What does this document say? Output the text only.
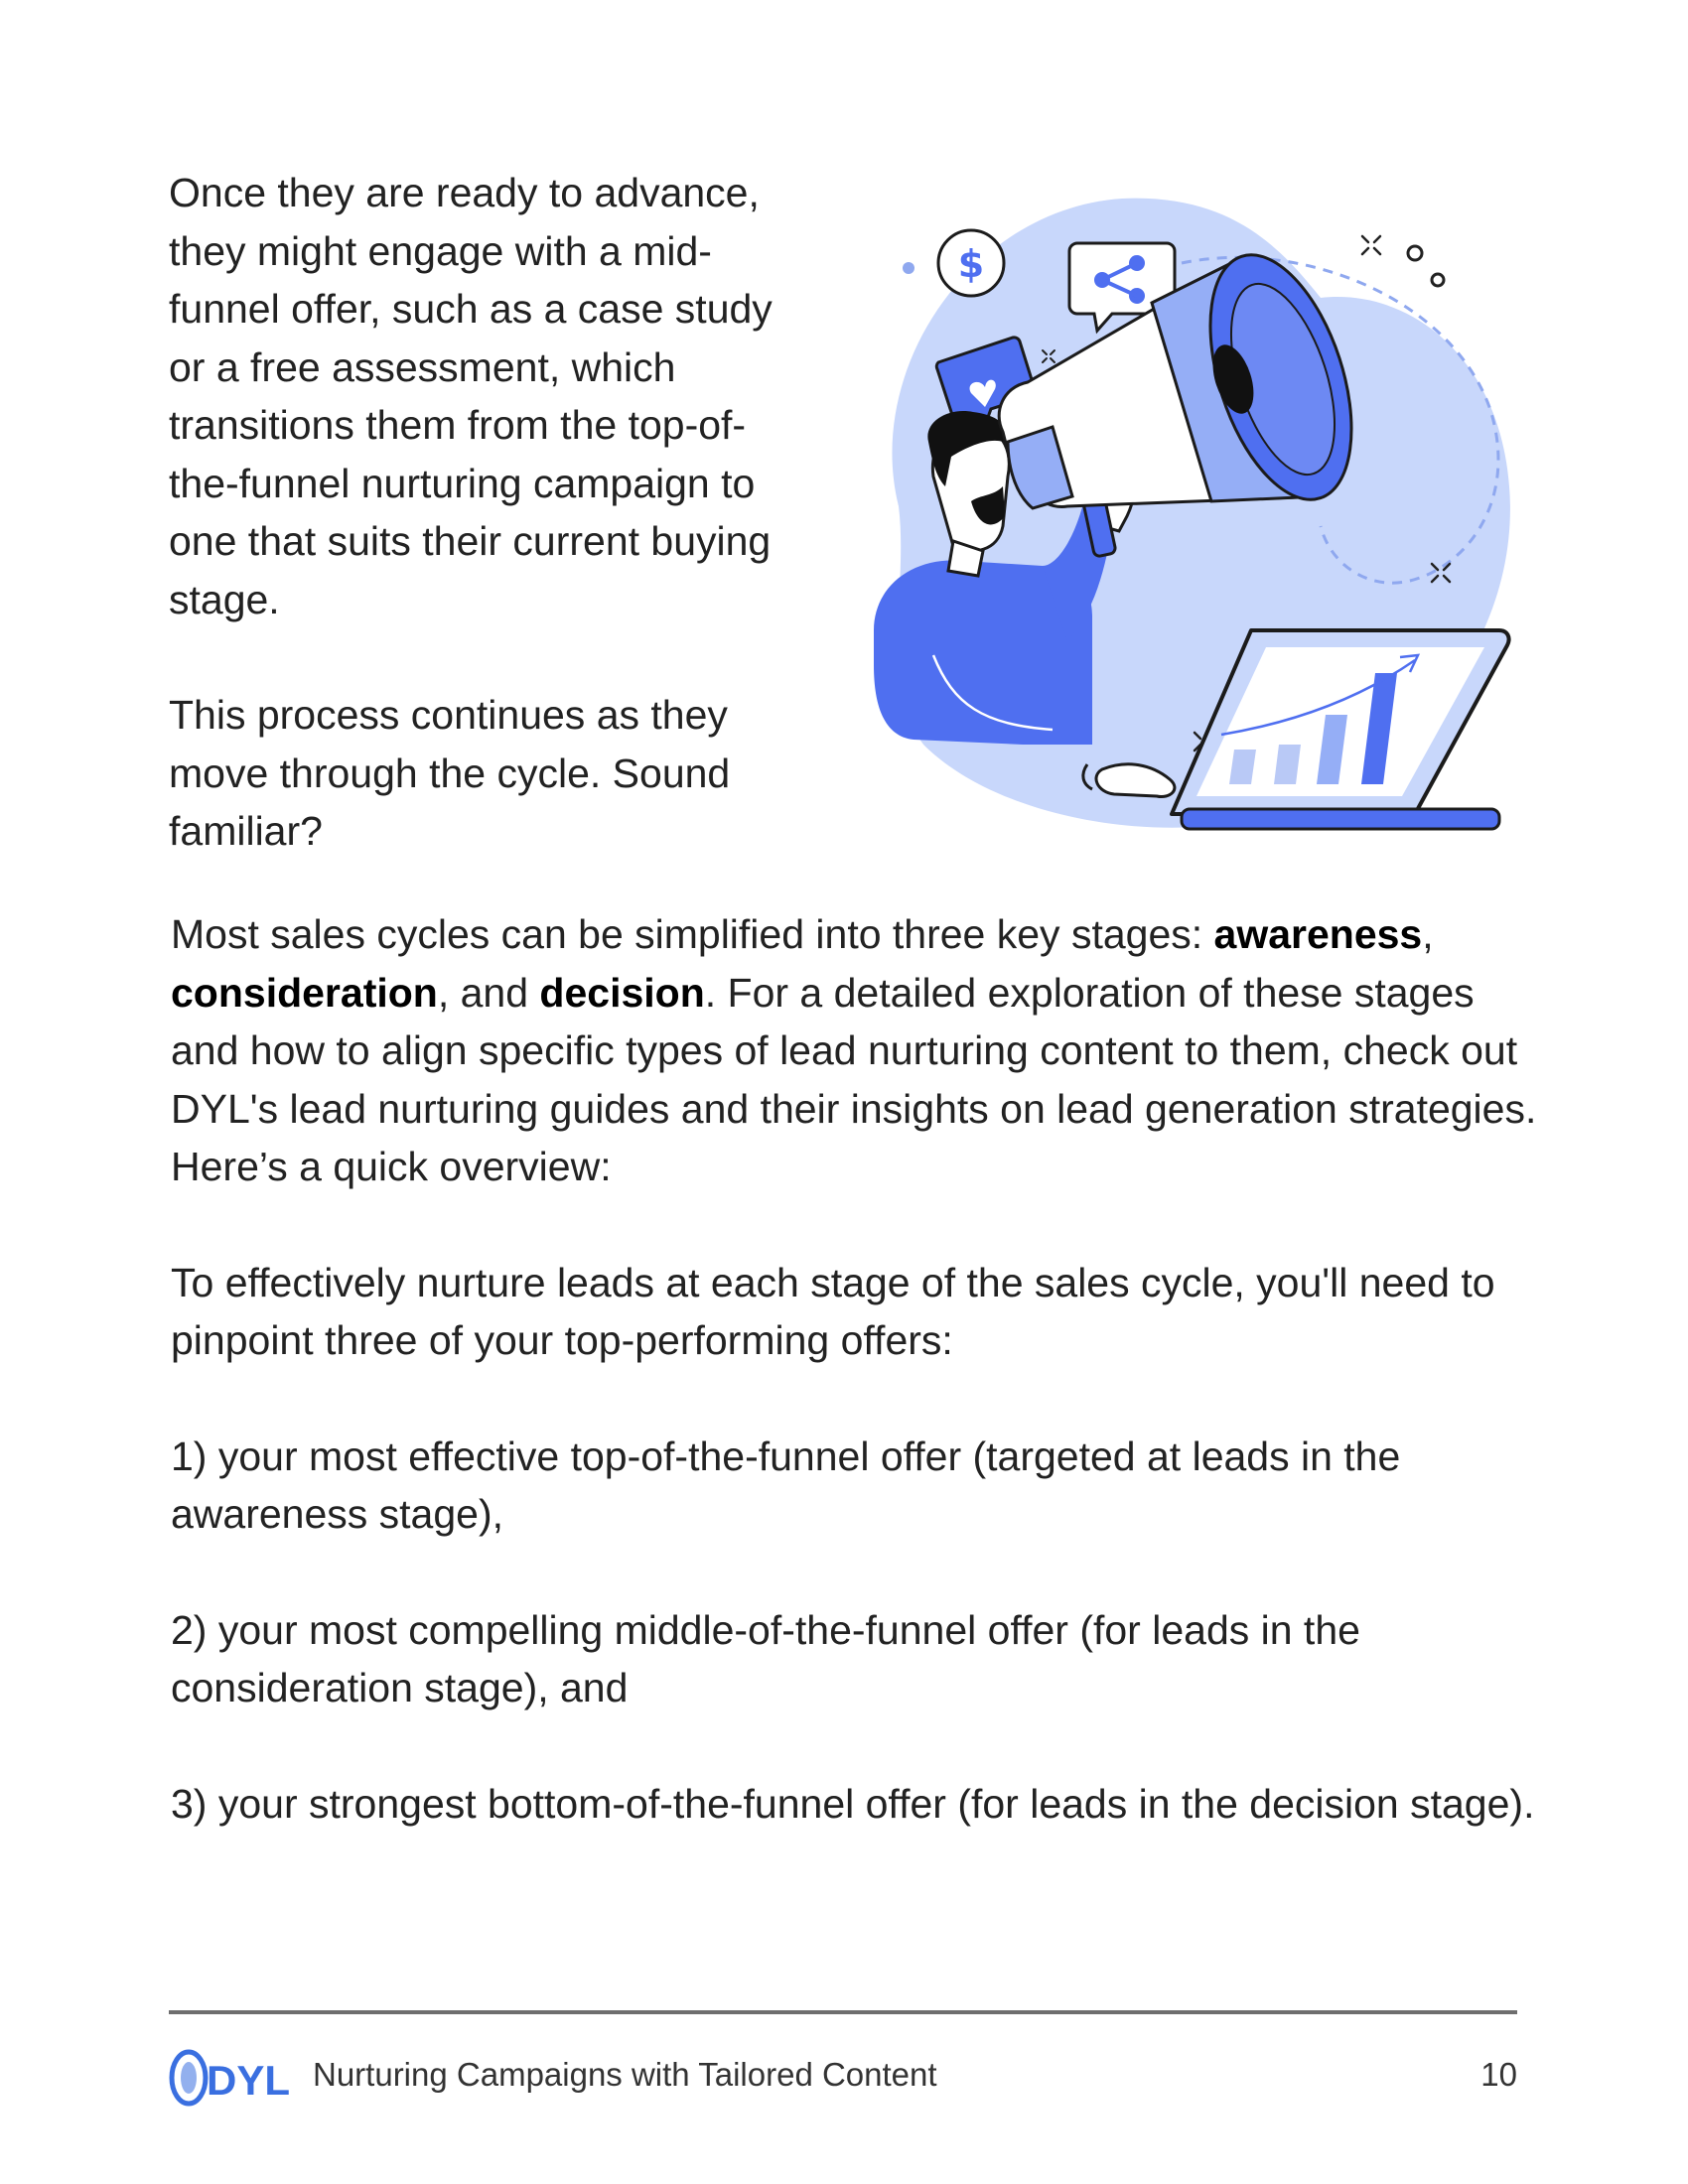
Once they are ready to advance, they might engage with a mid-funnel offer, such as a case study or a free assessment, which transitions them from the top-of-the-funnel nurturing campaign to one that suits their current buying stage.

This process continues as they move through the cycle. Sound familiar?

$

Most sales cycles can be simplified into three key stages: awareness, consideration, and decision. For a detailed exploration of these stages and how to align specific types of lead nurturing content to them, check out DYL's lead nurturing guides and their insights on lead generation strategies. Here’s a quick overview:

To effectively nurture leads at each stage of the sales cycle, you'll need to pinpoint three of your top-performing offers:

1) your most effective top-of-the-funnel offer (targeted at leads in the awareness stage),

2) your most compelling middle-of-the-funnel offer (for leads in the consideration stage), and

3) your strongest bottom-of-the-funnel offer (for leads in the decision stage).

DYL Nurturing Campaigns with Tailored Content	10
